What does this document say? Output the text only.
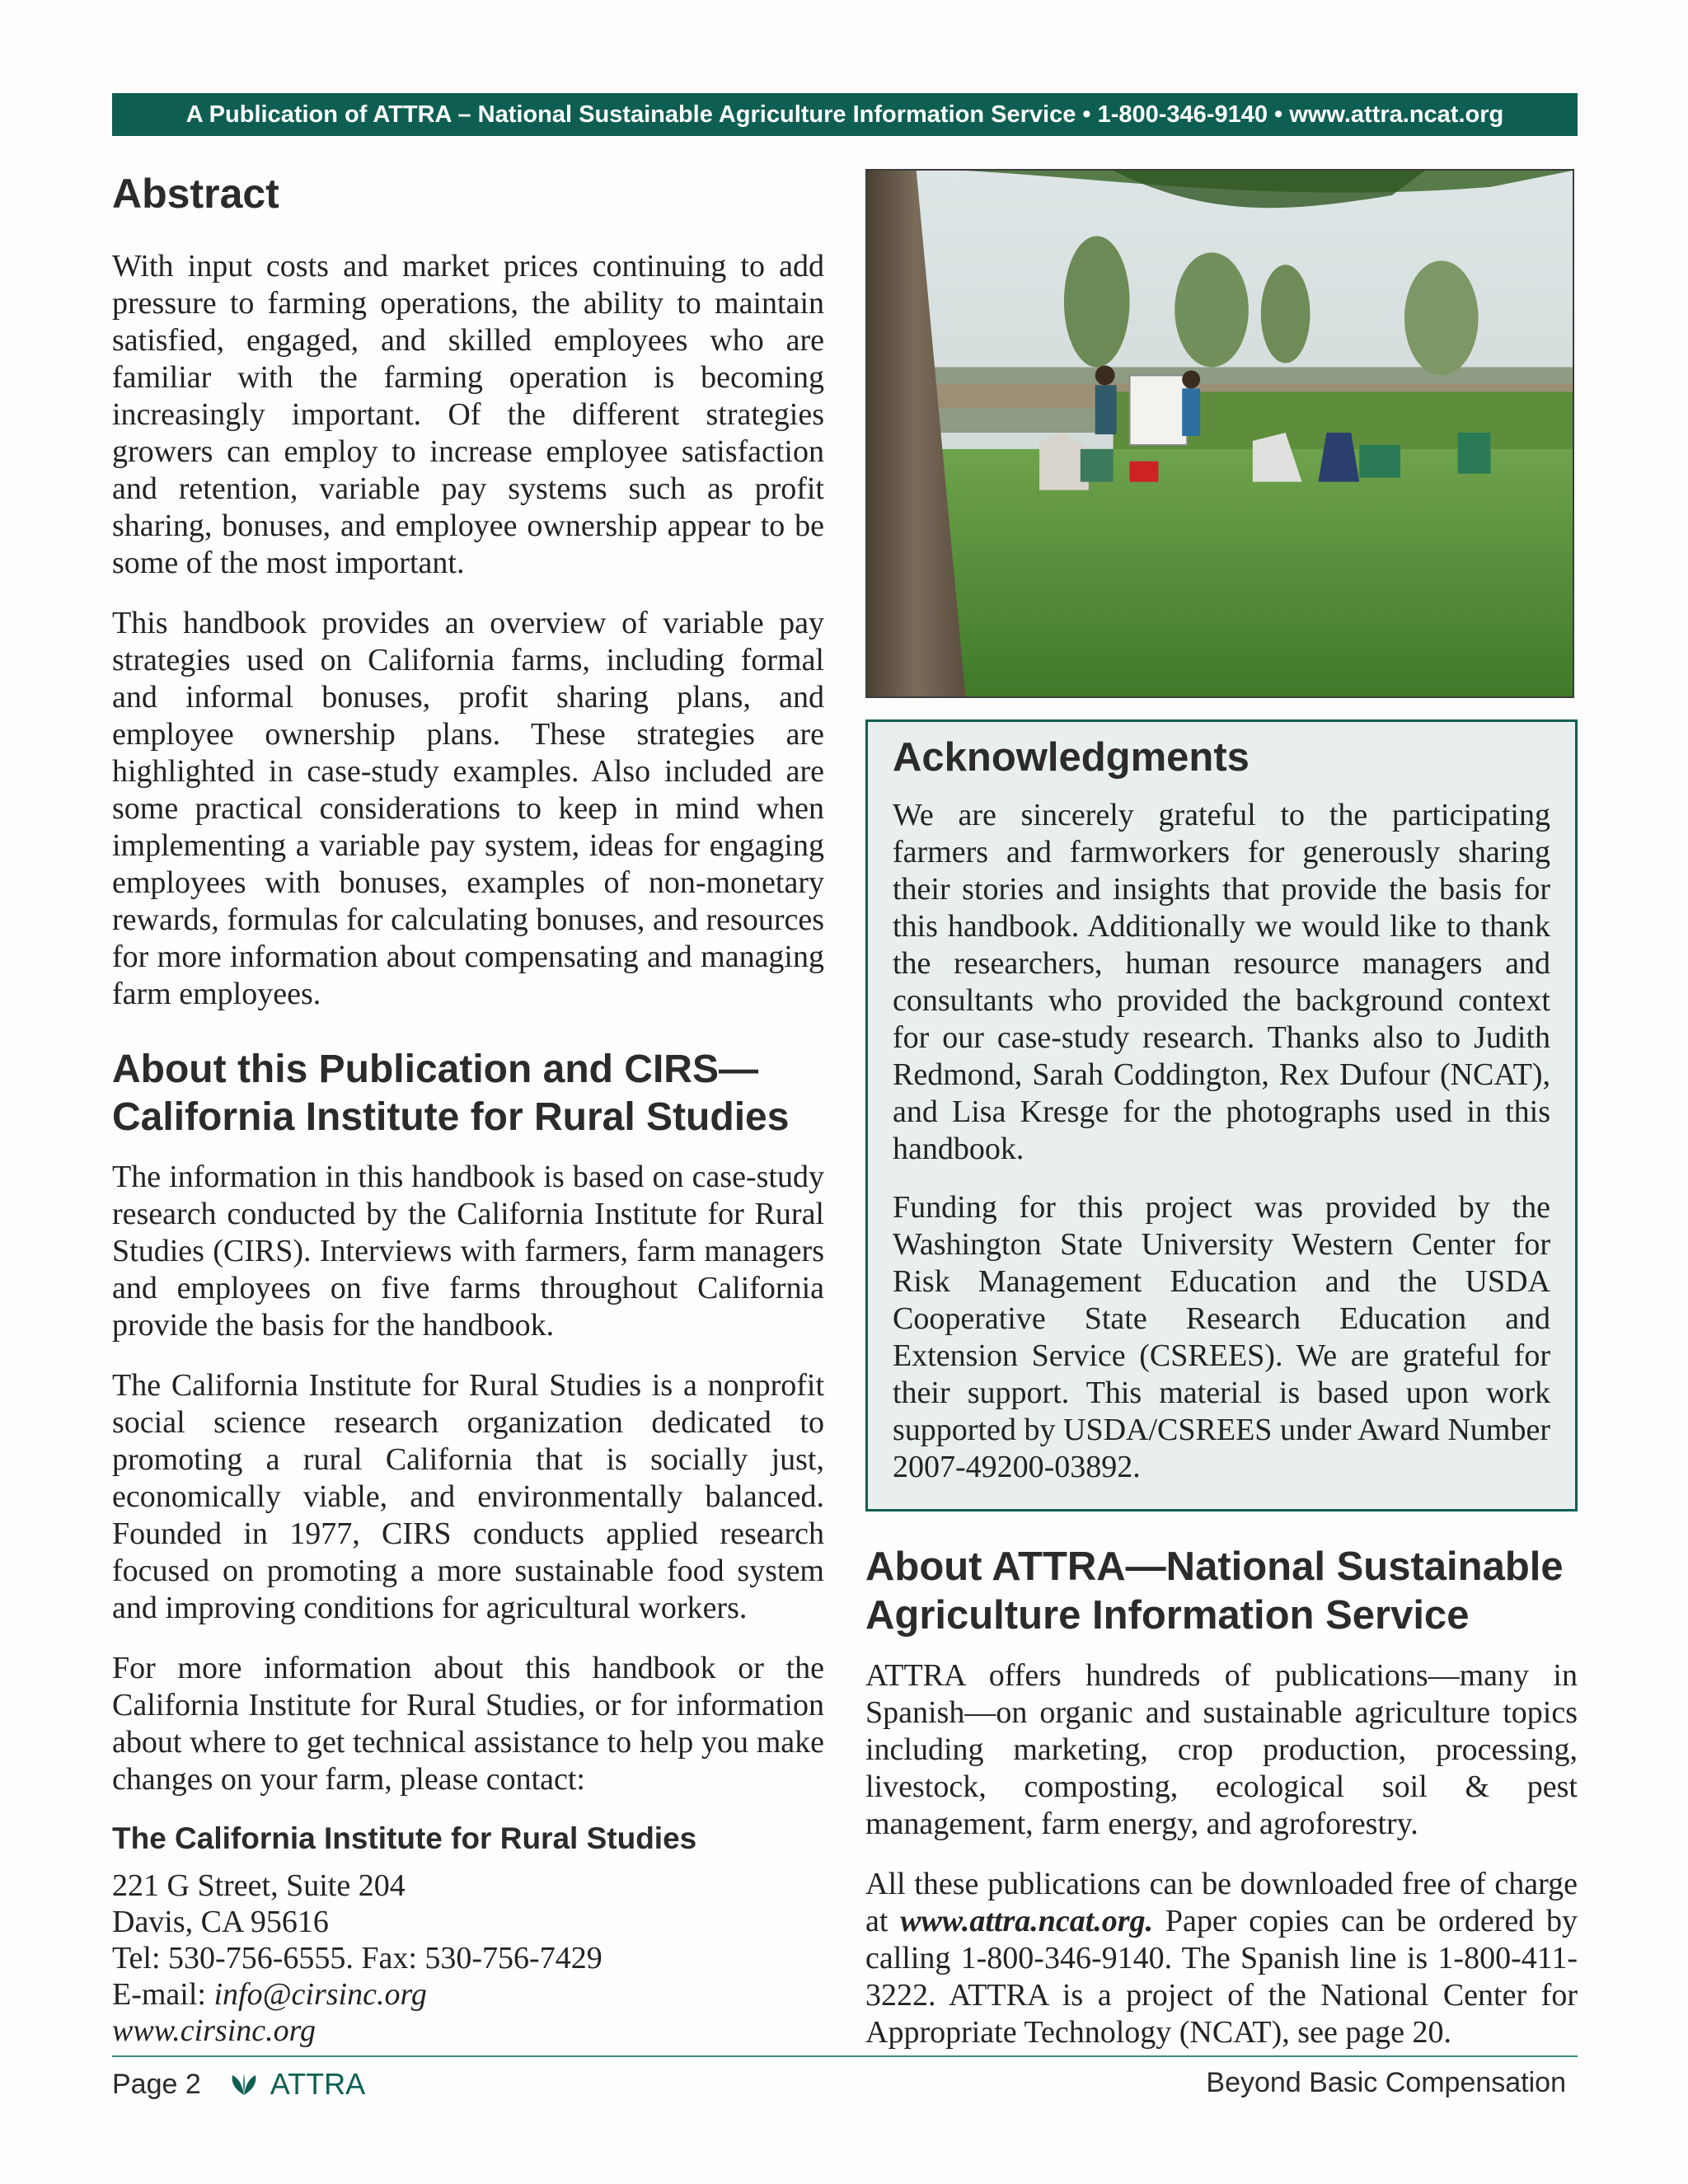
A Publication of ATTRA – National Sustainable Agriculture Information Service • 1-800-346-9140 • www.attra.ncat.org
Abstract

With input costs and market prices continuing to add pressure to farming operations, the ability to maintain satisfied, engaged, and skilled employees who are familiar with the farming operation is becoming increasingly important. Of the different strategies growers can employ to increase employee satisfaction and retention, variable pay systems such as profit sharing, bonuses, and employee ownership appear to be some of the most important.

This handbook provides an overview of variable pay strategies used on California farms, including formal and informal bonuses, profit sharing plans, and employee ownership plans. These strategies are highlighted in case-study examples. Also included are some practical considerations to keep in mind when implementing a variable pay system, ideas for engaging employees with bonuses, examples of non-monetary rewards, formulas for calculating bonuses, and resources for more information about compensating and managing farm employees.

About this Publication and CIRS—California Institute for Rural Studies

The information in this handbook is based on case-study research conducted by the California Institute for Rural Studies (CIRS). Interviews with farmers, farm managers and employees on five farms throughout California provide the basis for the handbook.

The California Institute for Rural Studies is a nonprofit social science research organization dedicated to promoting a rural California that is socially just, economically viable, and environmentally balanced. Founded in 1977, CIRS conducts applied research focused on promoting a more sustainable food system and improving conditions for agricultural workers.

For more information about this handbook or the California Institute for Rural Studies, or for information about where to get technical assistance to help you make changes on your farm, please contact:

The California Institute for Rural Studies
221 G Street, Suite 204
Davis, CA 95616
Tel: 530-756-6555. Fax: 530-756-7429
E-mail: info@cirsinc.org
www.cirsinc.org
Acknowledgments

We are sincerely grateful to the participating farmers and farmworkers for generously sharing their stories and insights that provide the basis for this handbook. Additionally we would like to thank the researchers, human resource managers and consultants who provided the background context for our case-study research. Thanks also to Judith Redmond, Sarah Coddington, Rex Dufour (NCAT), and Lisa Kresge for the photographs used in this handbook.

Funding for this project was provided by the Washington State University Western Center for Risk Management Education and the USDA Cooperative State Research Education and Extension Service (CSREES). We are grateful for their support. This material is based upon work supported by USDA/CSREES under Award Number 2007-49200-03892.

About ATTRA—National Sustainable Agriculture Information Service

ATTRA offers hundreds of publications—many in Spanish—on organic and sustainable agriculture topics including marketing, crop production, processing, livestock, composting, ecological soil & pest management, farm energy, and agroforestry.

All these publications can be downloaded free of charge at www.attra.ncat.org. Paper copies can be ordered by calling 1-800-346-9140. The Spanish line is 1-800-411-3222. ATTRA is a project of the National Center for Appropriate Technology (NCAT), see page 20.

Page 2 ATTRA	Beyond Basic Compensation
